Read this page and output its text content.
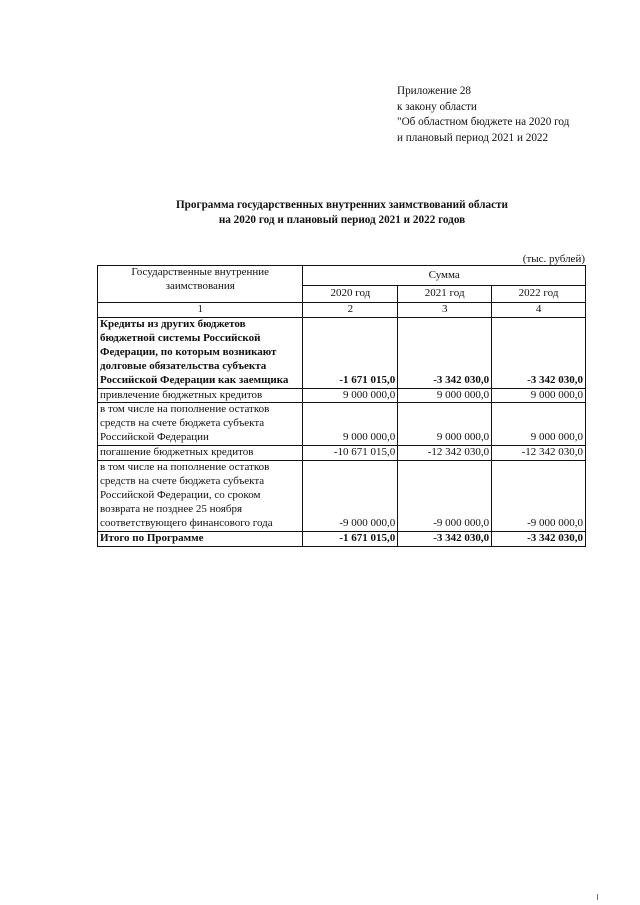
Приложение 28
к закону области
"Об областном бюджете на 2020 год
и плановый период 2021 и 2022
Программа государственных внутренних заимствований области
на 2020 год и плановый период 2021 и 2022 годов
(тыс. рублей)
Государственные внутренние заимствования	Сумма		
	2020 год	2021 год	2022 год
1	2	3	4
Кредиты из других бюджетов бюджетной системы Российской Федерации, по которым возникают долговые обязательства субъекта Российской Федерации как заемщика	-1 671 015,0	-3 342 030,0	-3 342 030,0
привлечение бюджетных кредитов	9 000 000,0	9 000 000,0	9 000 000,0
в том числе на пополнение остатков средств на счете бюджета субъекта Российской Федерации	9 000 000,0	9 000 000,0	9 000 000,0
погашение бюджетных кредитов	-10 671 015,0	-12 342 030,0	-12 342 030,0
в том числе на пополнение остатков средств на счете бюджета субъекта Российской Федерации, со сроком возврата не позднее 25 ноября соответствующего финансового года	-9 000 000,0	-9 000 000,0	-9 000 000,0
Итого по Программе	-1 671 015,0	-3 342 030,0	-3 342 030,0
